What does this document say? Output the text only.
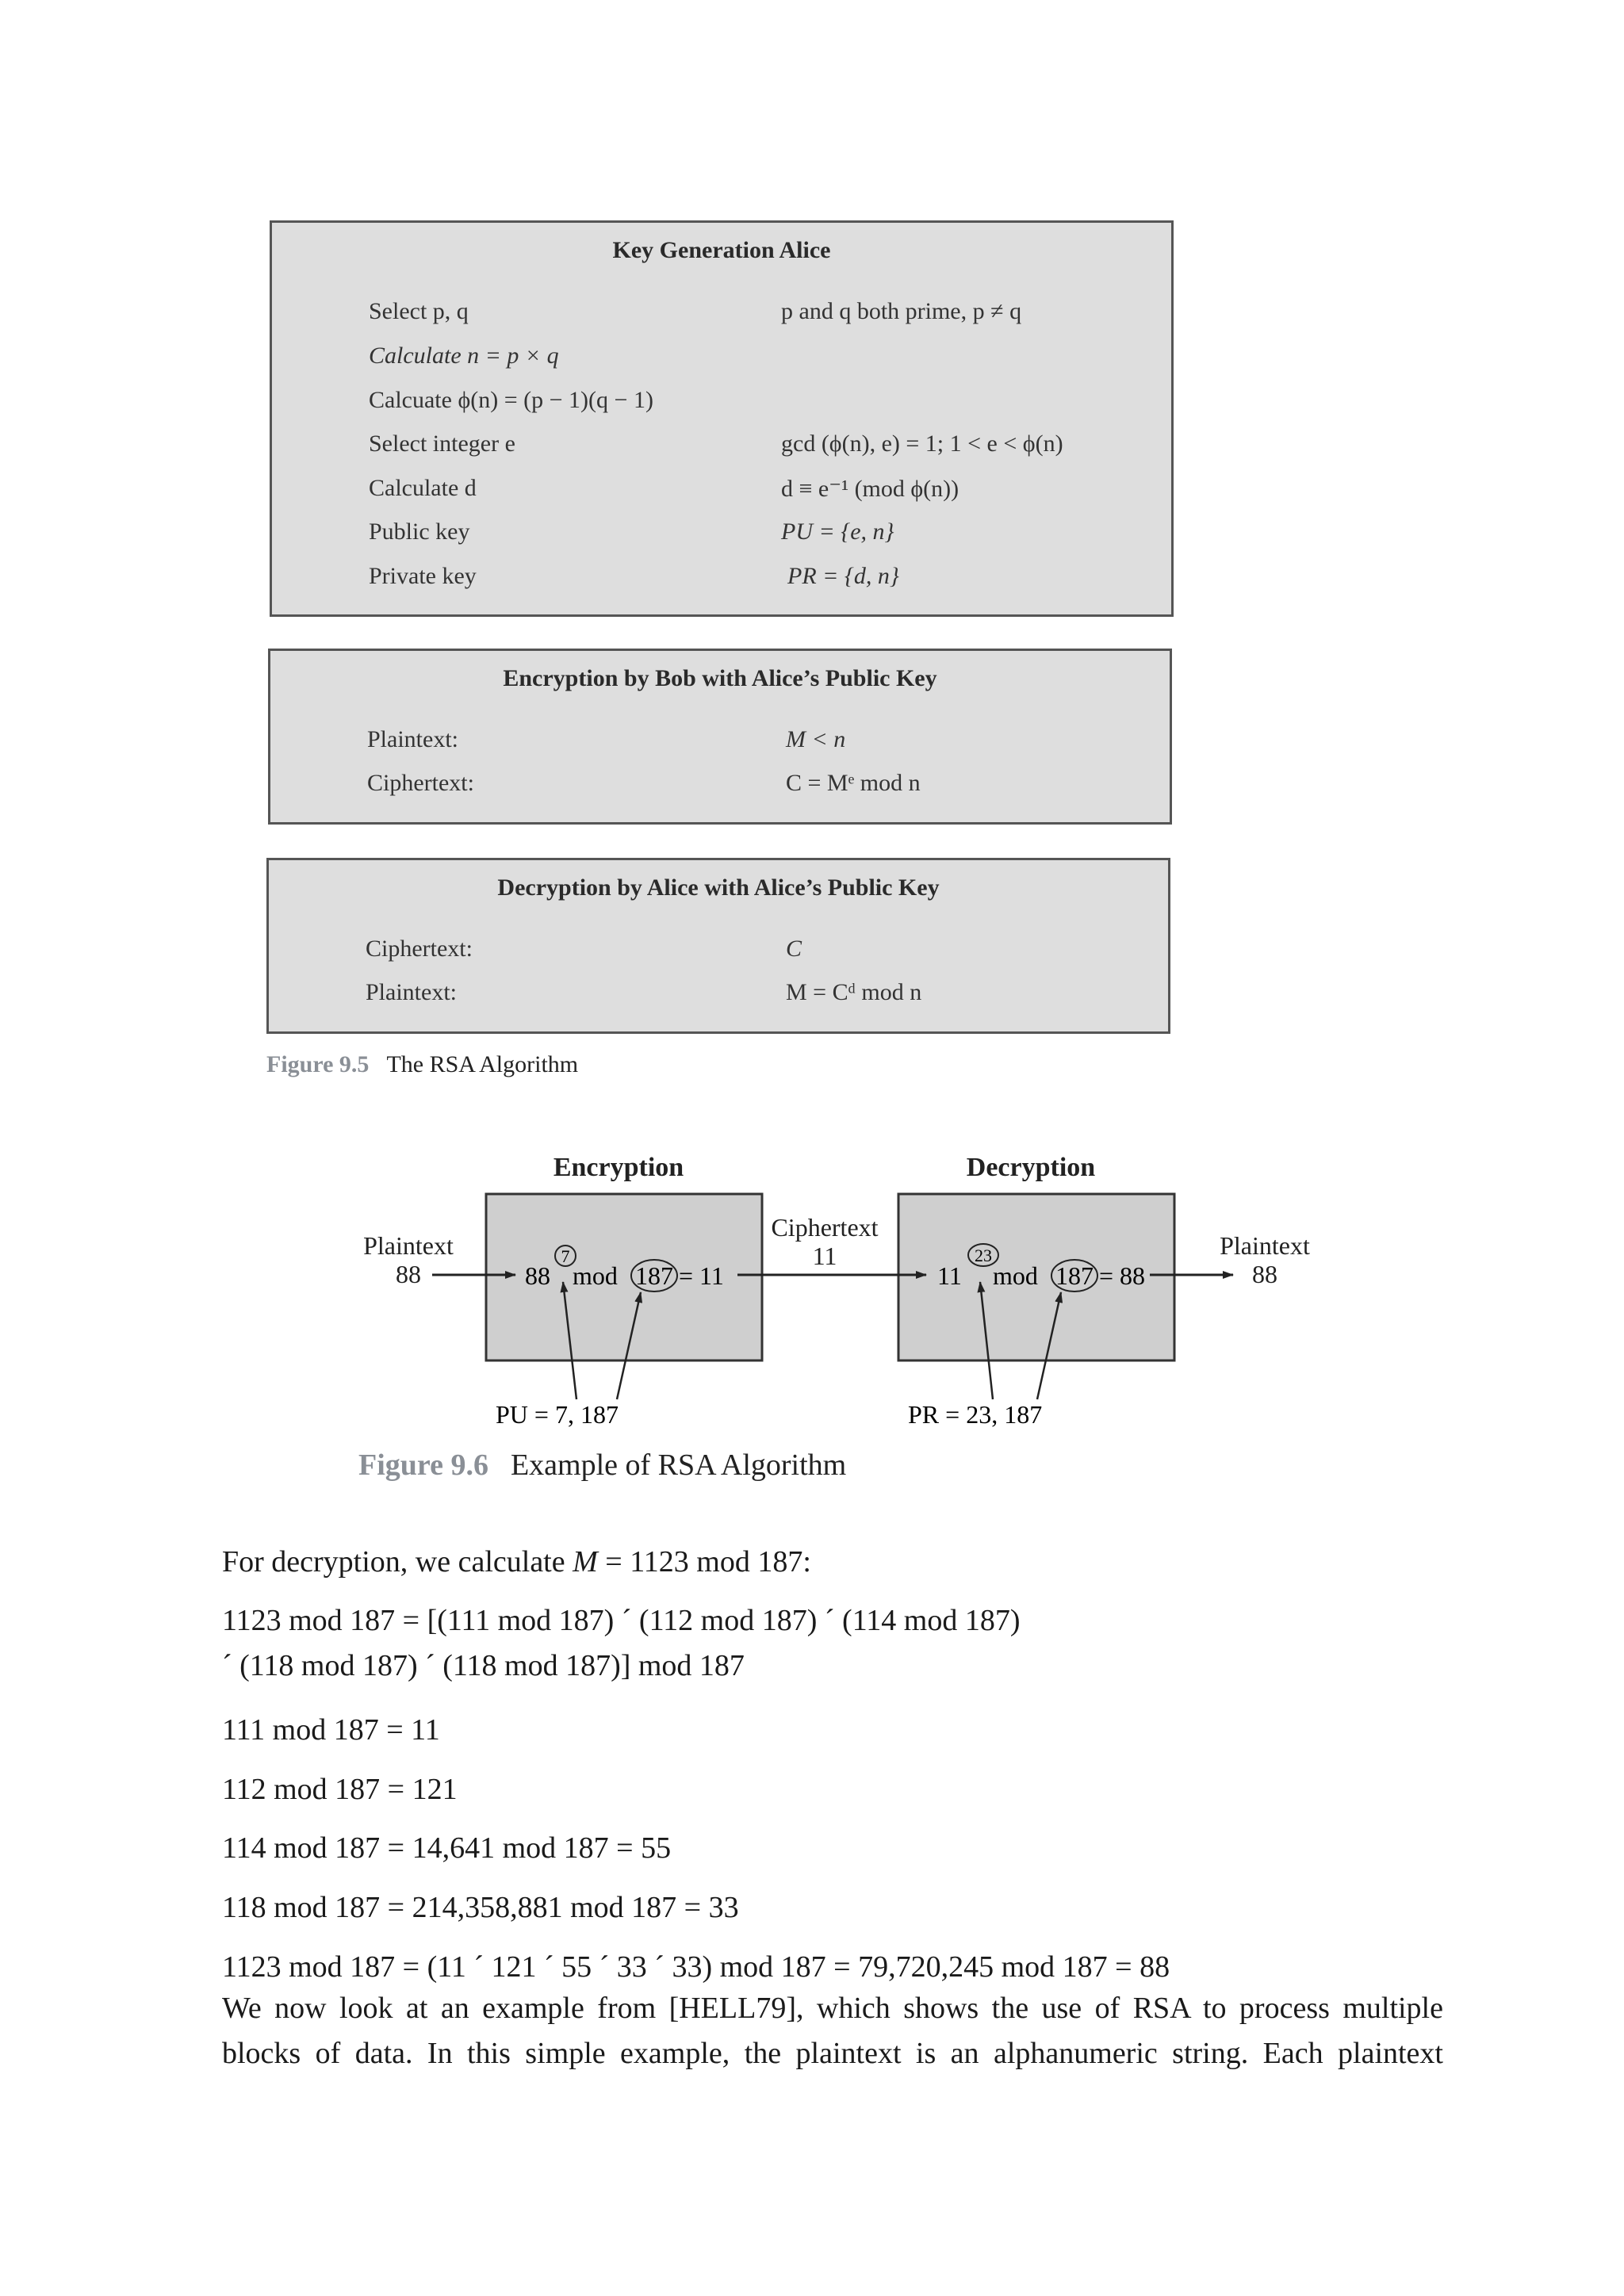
Key Generation Alice
Select p, q	p and q both prime, p ≠ q
Calculate n = p × q
Calcuate ϕ(n) = (p − 1)(q − 1)
Select integer e	gcd (ϕ(n), e) = 1; 1 < e < ϕ(n)
Calculate d	d ≡ e⁻¹ (mod ϕ(n))
Public key	PU = {e, n}
Private key	PR = {d, n}
Encryption by Bob with Alice’s Public Key
Plaintext:	M < n
Ciphertext:	C = Mᵉ mod n
Decryption by Alice with Alice’s Public Key
Ciphertext:	C
Plaintext:	M = Cᵈ mod n
Figure 9.5 The RSA Algorithm
Encryption	Decryption
Plaintext
88
Ciphertext
11	Plaintext
88
88
7
mod 187 = 11	11
23
mod 187 = 88
PU = 7, 187	PR = 23, 187
Figure 9.6 Example of RSA Algorithm
For decryption, we calculate M = 1123 mod 187:
1123 mod 187 = [(111 mod 187) ´ (112 mod 187) ´ (114 mod 187)
´ (118 mod 187) ´ (118 mod 187)] mod 187
111 mod 187 = 11
112 mod 187 = 121
114 mod 187 = 14,641 mod 187 = 55
118 mod 187 = 214,358,881 mod 187 = 33
1123 mod 187 = (11 ´ 121 ´ 55 ´ 33 ´ 33) mod 187 = 79,720,245 mod 187 = 88
We now look at an example from [HELL79], which shows the use of RSA to process multiple
blocks of data. In this simple example, the plaintext is an alphanumeric string. Each plaintext
